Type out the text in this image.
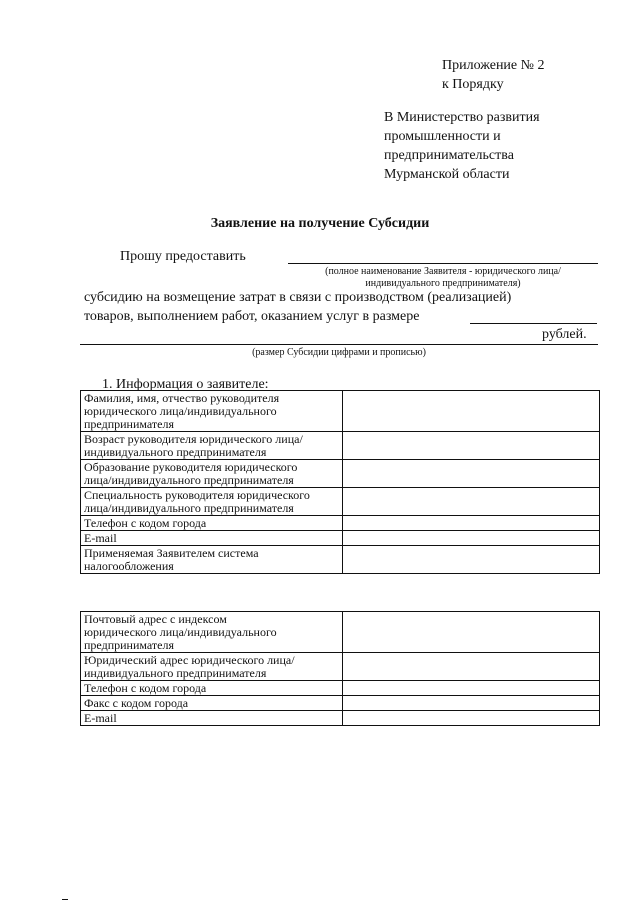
Приложение № 2
к Порядку
В Министерство развития
промышленности и
предпринимательства
Мурманской области
Заявление на получение Субсидии
Прошу предоставить
(полное наименование Заявителя - юридического лица/
индивидуального предпринимателя)
субсидию на возмещение затрат в связи с производством (реализацией)
товаров, выполнением работ, оказанием услуг в размере
рублей.
(размер Субсидии цифрами и прописью)
1. Информация о заявителе:
Фамилия, имя, отчество руководителя
юридического лица/индивидуального
предпринимателя	

Возраст руководителя юридического лица/
индивидуального предпринимателя	

Образование руководителя юридического
лица/индивидуального предпринимателя	

Специальность руководителя юридического
лица/индивидуального предпринимателя	

Телефон с кодом города	

E-mail	

Применяемая Заявителем система
налогообложения	

Почтовый адрес с индексом
юридического лица/индивидуального
предпринимателя	

Юридический адрес юридического лица/
индивидуального предпринимателя	

Телефон с кодом города	

Факс с кодом города	

E-mail	
